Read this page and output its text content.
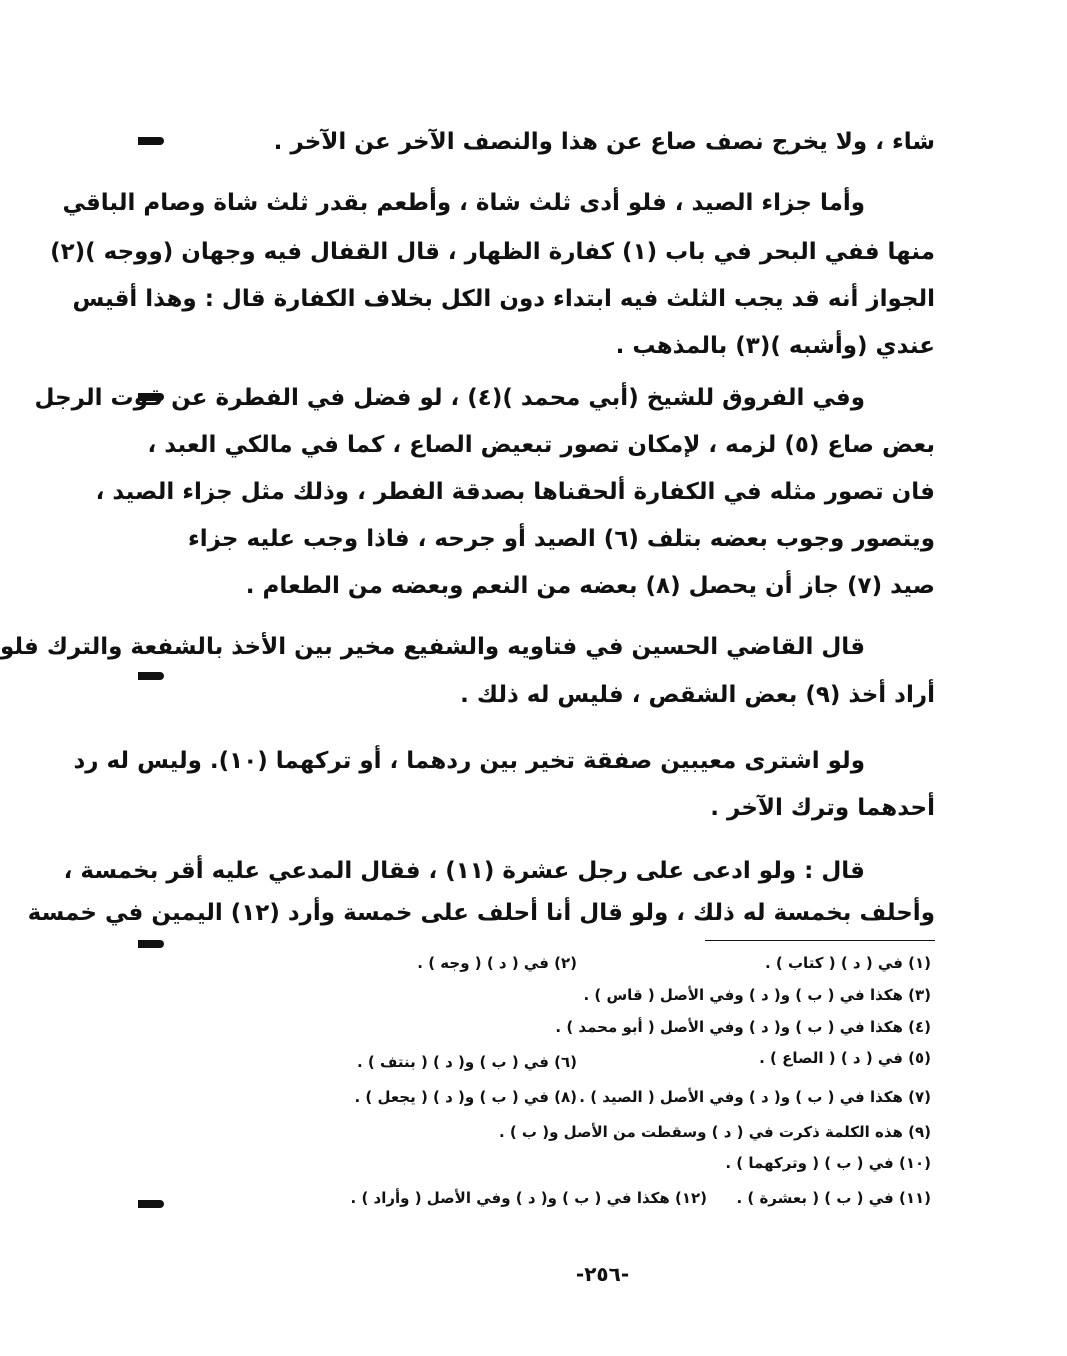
شاء ، ولا يخرج نصف صاع عن هذا والنصف الآخر عن الآخر .
وأما جزاء الصيد ، فلو أدى ثلث شاة ، وأطعم بقدر ثلث شاة وصام الباقي
منها ففي البحر في باب (١) كفارة الظهار ، قال القفال فيه وجهان (ووجه )(٢)
الجواز أنه قد يجب الثلث فيه ابتداء دون الكل بخلاف الكفارة قال : وهذا أقيس
عندي (وأشبه )(٣) بالمذهب .
وفي الفروق للشيخ (أبي محمد )(٤) ، لو فضل في الفطرة عن قوت الرجل
بعض صاع (٥) لزمه ، لإمكان تصور تبعيض الصاع ، كما في مالكي العبد ،
فان تصور مثله في الكفارة ألحقناها بصدقة الفطر ، وذلك مثل جزاء الصيد ،
ويتصور وجوب بعضه بتلف (٦) الصيد أو جرحه ، فاذا وجب عليه جزاء
صيد (٧) جاز أن يحصل (٨) بعضه من النعم وبعضه من الطعام .
قال القاضي الحسين في فتاويه والشفيع مخير بين الأخذ بالشفعة والترك فلو
أراد أخذ (٩) بعض الشقص ، فليس له ذلك .
ولو اشترى معيبين صفقة تخير بين ردهما ، أو تركهما (١٠). وليس له رد
أحدهما وترك الآخر .
قال : ولو ادعى على رجل عشرة (١١) ، فقال المدعي عليه أقر بخمسة ،
وأحلف بخمسة له ذلك ، ولو قال أنا أحلف على خمسة وأرد (١٢) اليمين في خمسة
(١) في ( د ) ( كتاب ) .
(٢) في ( د ) ( وجه ) .
(٣) هكذا في ( ب ) و( د ) وفي الأصل ( قاس ) .
(٤) هكذا في ( ب ) و( د ) وفي الأصل ( أبو محمد ) .
(٥) في ( د ) ( الصاع ) .
(٦) في ( ب ) و( د ) ( بنتف ) .
(٧) هكذا في ( ب ) و( د ) وفي الأصل ( الصيد ) .
(٨) في ( ب ) و( د ) ( يجعل ) .
(٩) هذه الكلمة ذكرت في ( د ) وسقطت من الأصل و( ب ) .
(١٠) في ( ب ) ( وتركهما ) .
(١١) في ( ب ) ( بعشرة ) .
(١٢) هكذا في ( ب ) و( د ) وفي الأصل ( وأراد ) .
-٢٥٦-
